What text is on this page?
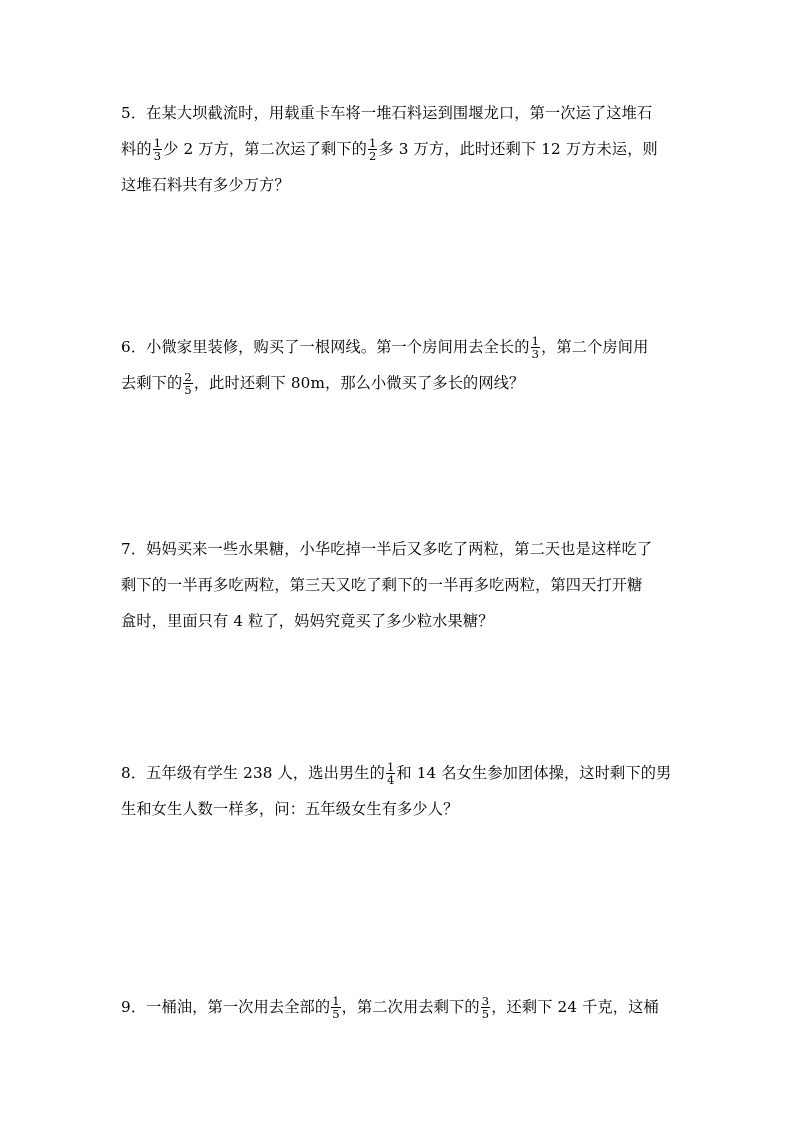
5．在某大坝截流时，用载重卡车将一堆石料运到围堰龙口，第一次运了这堆石
料的 $\frac{1}{3}$ 少 2 万方，第二次运了剩下的 $\frac{1}{2}$ 多 3 万方，此时还剩下 12 万方未运，则
这堆石料共有多少万方？
6．小微家里装修，购买了一根网线。第一个房间用去全长的 $\frac{1}{3}$ ，第二个房间用
去剩下的 $\frac{2}{5}$ ，此时还剩下 80m，那么小微买了多长的网线？
7．妈妈买来一些水果糖，小华吃掉一半后又多吃了两粒，第二天也是这样吃了
剩下的一半再多吃两粒，第三天又吃了剩下的一半再多吃两粒，第四天打开糖
盒时，里面只有 4 粒了，妈妈究竟买了多少粒水果糖？
8．五年级有学生 238 人，选出男生的 $\frac{1}{4}$ 和 14 名女生参加团体操，这时剩下的男
生和女生人数一样多，问：五年级女生有多少人？
9．一桶油，第一次用去全部的 $\frac{1}{5}$ ，第二次用去剩下的 $\frac{3}{5}$ ，还剩下 24 千克，这桶
